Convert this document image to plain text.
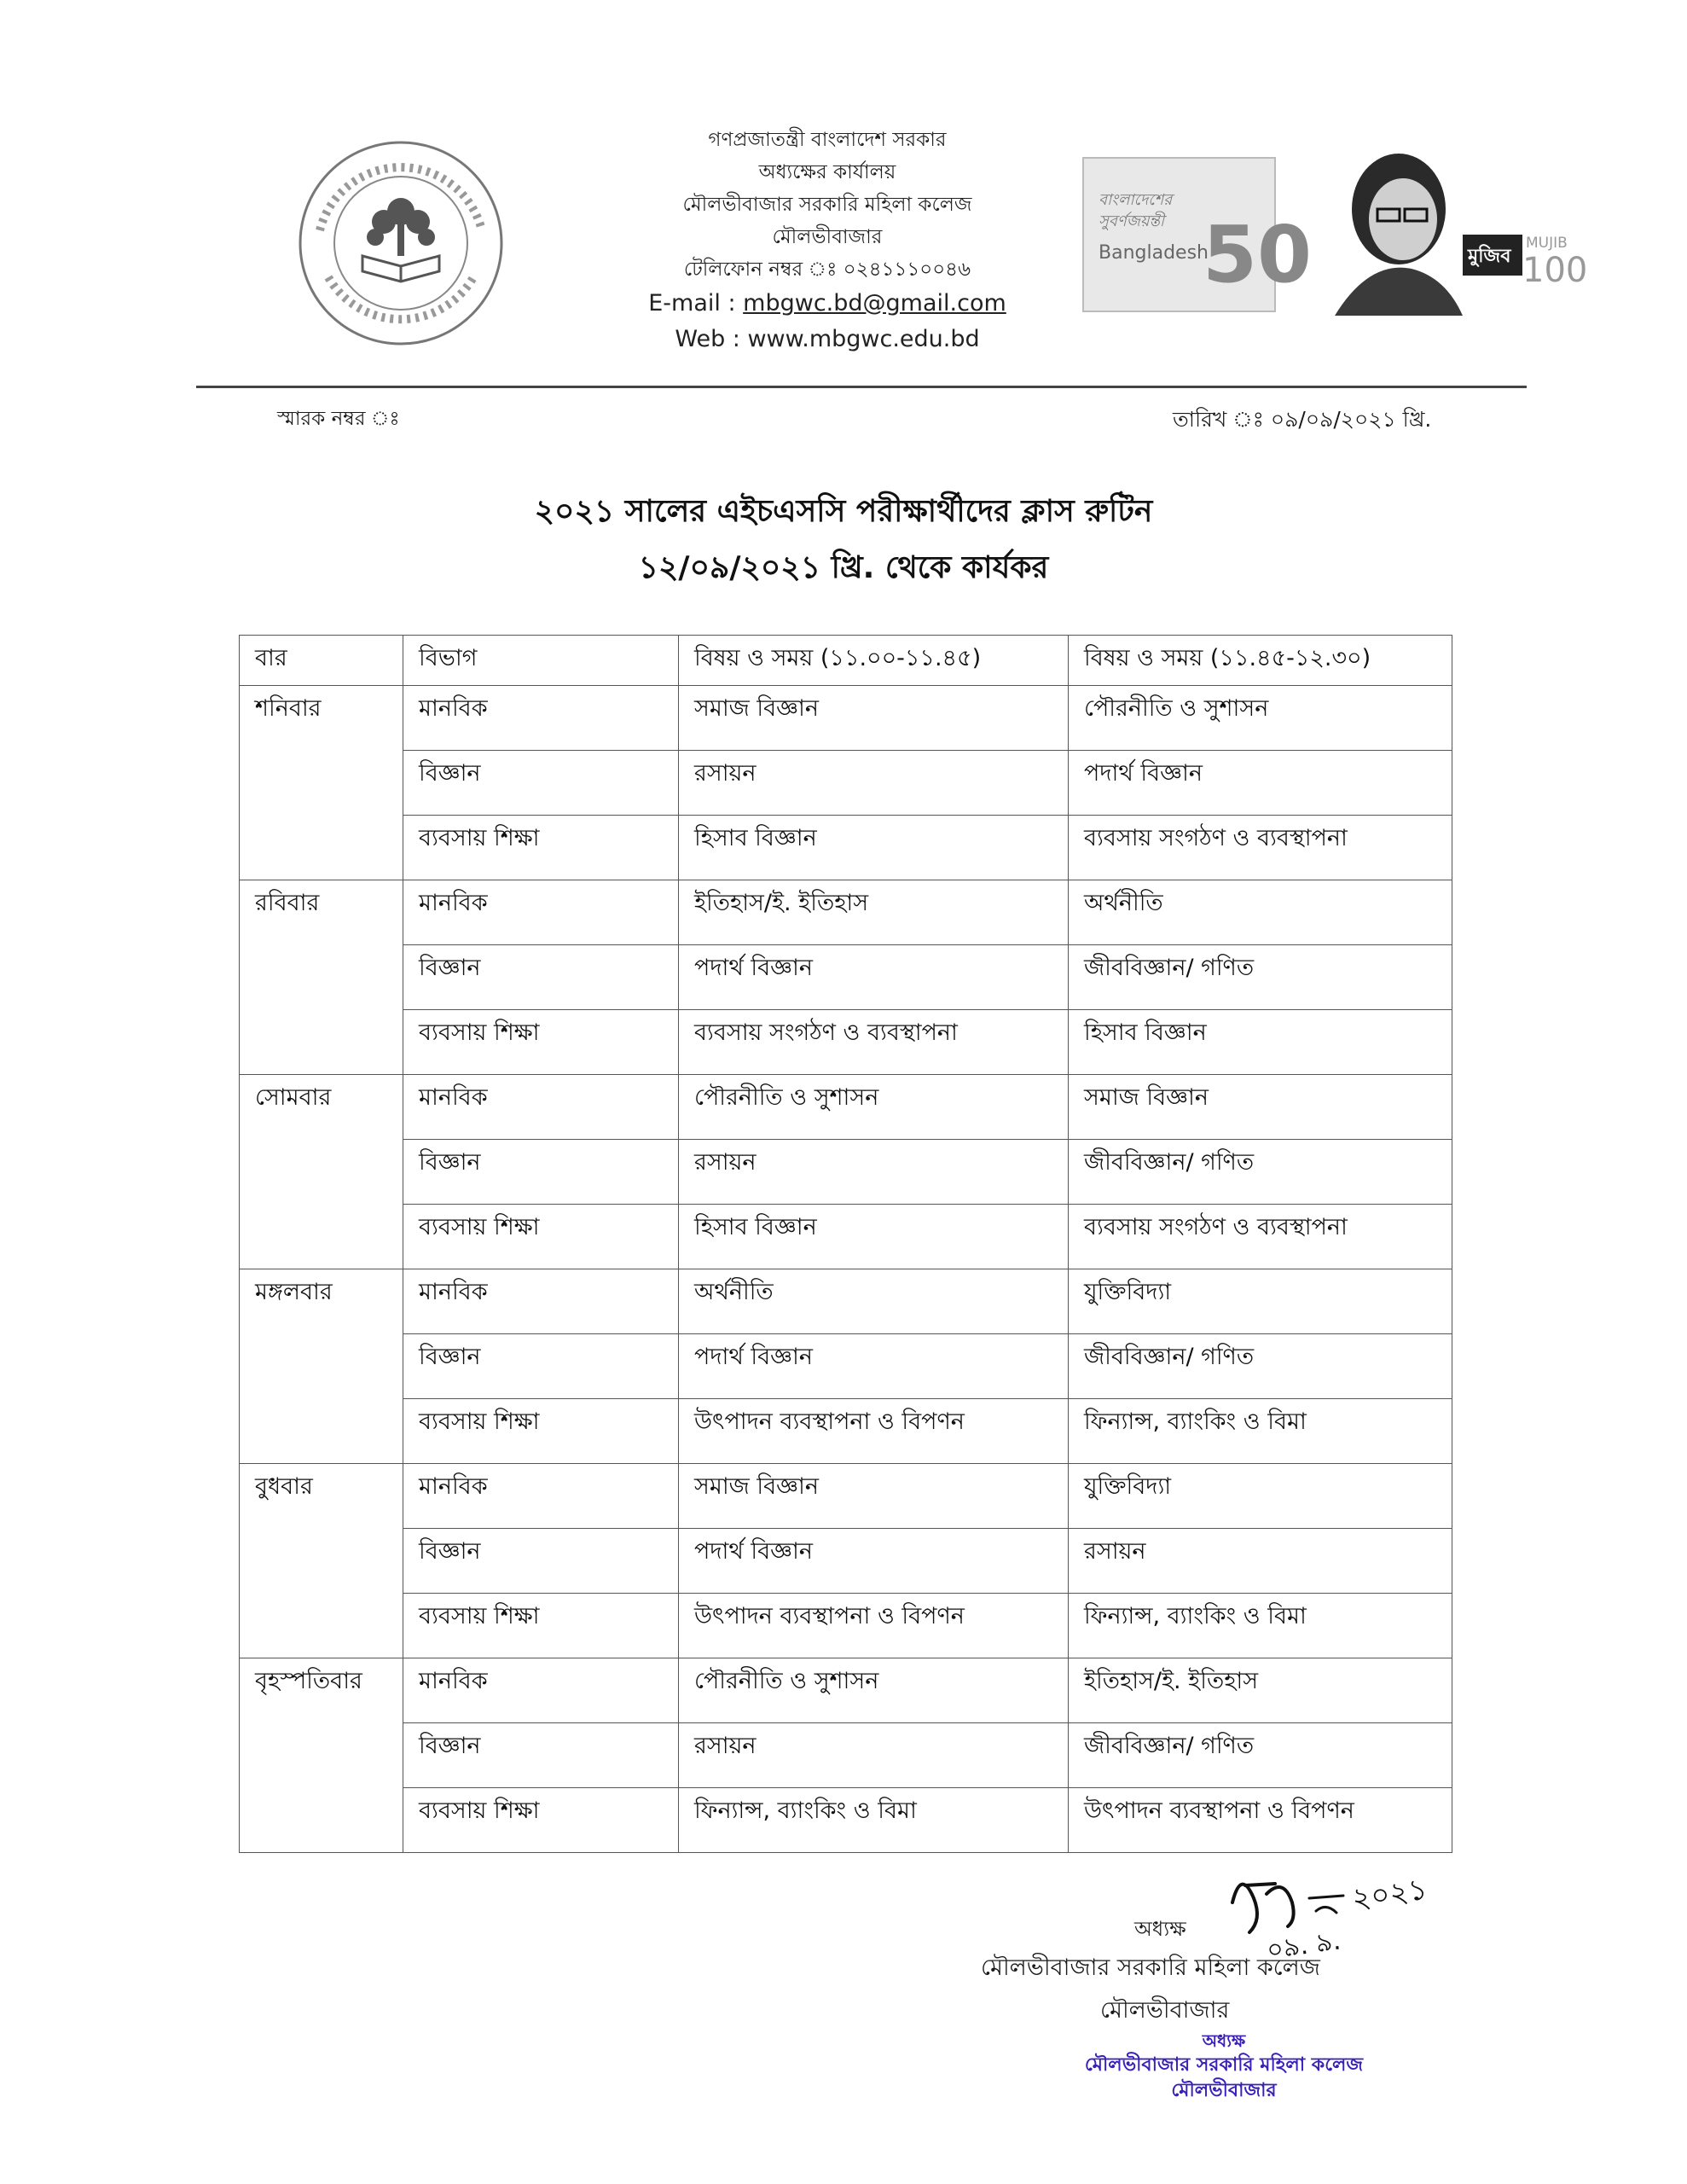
গণপ্রজাতন্ত্রী বাংলাদেশ সরকার
অধ্যক্ষের কার্যালয়
মৌলভীবাজার সরকারি মহিলা কলেজ
মৌলভীবাজার
টেলিফোন নম্বর ঃ ০২৪১১১০০৪৬
E-mail : mbgwc.bd@gmail.com
Web : www.mbgwc.edu.bd
বাংলাদেশের
সুবর্ণজয়ন্তী
Bangladesh
50	মুজিব
MUJIB
100
স্মারক নম্বর ঃ	তারিখ ঃ ০৯/০৯/২০২১ খ্রি.
২০২১ সালের এইচএসসি পরীক্ষার্থীদের ক্লাস রুটিন
১২/০৯/২০২১ খ্রি. থেকে কার্যকর
বার	বিভাগ	বিষয় ও সময় (১১.০০-১১.৪৫)	বিষয় ও সময় (১১.৪৫-১২.৩০)
শনিবার	মানবিক	সমাজ বিজ্ঞান	পৌরনীতি ও সুশাসন
	বিজ্ঞান	রসায়ন	পদার্থ বিজ্ঞান
	ব্যবসায় শিক্ষা	হিসাব বিজ্ঞান	ব্যবসায় সংগঠণ ও ব্যবস্থাপনা
রবিবার	মানবিক	ইতিহাস/ই. ইতিহাস	অর্থনীতি
	বিজ্ঞান	পদার্থ বিজ্ঞান	জীববিজ্ঞান/ গণিত
	ব্যবসায় শিক্ষা	ব্যবসায় সংগঠণ ও ব্যবস্থাপনা	হিসাব বিজ্ঞান
সোমবার	মানবিক	পৌরনীতি ও সুশাসন	সমাজ বিজ্ঞান
	বিজ্ঞান	রসায়ন	জীববিজ্ঞান/ গণিত
	ব্যবসায় শিক্ষা	হিসাব বিজ্ঞান	ব্যবসায় সংগঠণ ও ব্যবস্থাপনা
মঙ্গলবার	মানবিক	অর্থনীতি	যুক্তিবিদ্যা
	বিজ্ঞান	পদার্থ বিজ্ঞান	জীববিজ্ঞান/ গণিত
	ব্যবসায় শিক্ষা	উৎপাদন ব্যবস্থাপনা ও বিপণন	ফিন্যান্স, ব্যাংকিং ও বিমা
বুধবার	মানবিক	সমাজ বিজ্ঞান	যুক্তিবিদ্যা
	বিজ্ঞান	পদার্থ বিজ্ঞান	রসায়ন
	ব্যবসায় শিক্ষা	উৎপাদন ব্যবস্থাপনা ও বিপণন	ফিন্যান্স, ব্যাংকিং ও বিমা
বৃহস্পতিবার	মানবিক	পৌরনীতি ও সুশাসন	ইতিহাস/ই. ইতিহাস
	বিজ্ঞান	রসায়ন	জীববিজ্ঞান/ গণিত
	ব্যবসায় শিক্ষা	ফিন্যান্স, ব্যাংকিং ও বিমা	উৎপাদন ব্যবস্থাপনা ও বিপণন
২০২১
০৯. ৯.
অধ্যক্ষ
মৌলভীবাজার সরকারি মহিলা কলেজ
মৌলভীবাজার
অধ্যক্ষ
মৌলভীবাজার সরকারি মহিলা কলেজ
মৌলভীবাজার
